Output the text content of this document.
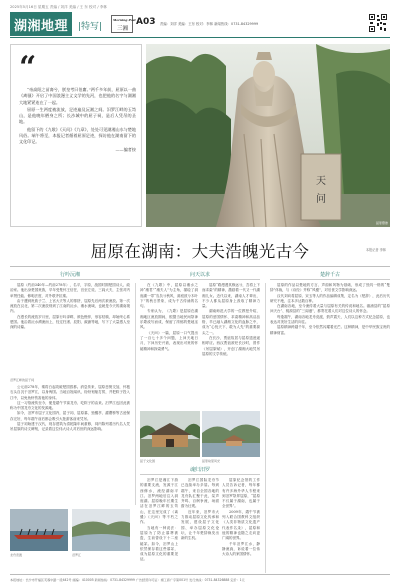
2025年5月16日 星期五 责编 / 刘洋 美编 / 王 东 校对 / 李林
湖湘地理 |特写|
Morning Post
三湘
A03 责编：刘洋 美编：王东 校对：李林 新闻热线：0731-84329999
“

“帝高阳之苗裔兮，朕皇考曰伯庸。”两千多年前，屈原以一曲《离骚》开启了中国浪漫主义文学的先河，也把他的名字与湖湘大地紧紧连在了一起。

屈原一生两度被流放，足迹遍及沅湘之间。汨罗江畔的玉笥山，是他晚年栖身之所；长沙城中的屈子祠，是后人凭吊的圣地。

他留下的《九歌》《天问》《九章》，处处可见湖湘山水与楚地风俗。端午将至，本报记者循着屈原足迹，探访他在湖南留下的文化印记。

——编者按
天
问
屈原塑像
屈原在湖南：大夫浩魄光古今	本报记者 李林
行吟沅湘	问天以求	楚辞千古

屈原（约前340年—约前278年），名平，字原，战国时期楚国诗人、政治家。他出身楚国贵族，早年受楚怀王信任，官至左徒、三闾大夫，主张对内举贤任能、修明法度，对外联齐抗秦。

由于遭到贵族子兰、上官大夫等人的排挤，屈原先后两次被流放。第一次流放在汉北，第二次流放则到了江南的沅水、湘水流域，也就是今天的湖南境内。

在漫长的流放岁月里，屈原行吟泽畔，颜色憔悴，形容枯槁，却始终心系楚国。他沿着沅水溯流而上，经过枉渚、辰阳、溆浦等地，写下了大量感人至深的诗篇。

汨罗江畔的屈子祠

公元前278年，秦将白起攻破楚国郢都。消息传来，屈原悲愤交加，怀抱石头自沉于汨罗江，以身殉国。当地百姓闻讯，纷纷划船打捞，并把粽子投入江中，以免鱼虾伤害他的身体。

这一习俗流传至今，便是端午节赛龙舟、吃粽子的由来。汨罗江也因此被称为中国龙舟文化的发源地。

如今，汨罗市屈子文化园内，屈子祠、屈原墓、独醒亭、濯缨桥等古迹保存完好，每年端午前后都会吸引大批游客前来凭吊。

屈子祠始建于汉代，现存建筑为清乾隆年间重修，祠内陈列着历代名人凭吊屈原的诗文碑刻，记录着这位伟大诗人对后世的深远影响。

在《九歌》中，屈原以湘水之神“湘君”“湘夫人”为主角，描绘了洞庭湖一带“袅袅兮秋风，洞庭波兮木叶下”的秋日景象，成为千古传诵的名句。

专家认为，《九歌》是屈原在湖湘地区流放期间，根据当地民间祭神乐歌改写而成，保留了浓郁的楚地巫风。

《天问》一篇，屈原一口气提出了一百七十多个问题，上问天地日月，下问历史兴衰，表现出可贵的怀疑精神和探索勇气。

屈原“路漫漫其修远兮，吾将上下而求索”的精神，激励着一代又一代湖湘儿女。近代以来，湖南人才辈出，不少人都从屈原身上汲取了精神力量。

湖南师范大学的一位教授介绍，屈原的爱国情怀、求索精神和高洁品格，早已融入湖湘文化的血脉之中，成为“心忧天下、敢为人先”的重要源头之一。

在长沙，贾谊故居与屈原遗迹遥相呼应。西汉贾谊被贬长沙时，曾作《吊屈原赋》，开创了湖湘大地凭吊屈原的文学传统。

屈原的作品以楚地的方言、声韵和风物为基础，形成了独具一格的“楚辞”体裁，与《诗经》并称“风骚”，对后世文学影响深远。

汉代刘向将屈原、宋玉等人的作品编辑成集，定名为《楚辞》，此后历代研究不绝，注本多达数百种。

在湖南各地，至今流传着大量与屈原有关的传说和地名。溆浦县的“屈原问天台”、桃源县的“三闾港”，都寄托着人们对这位诗人的怀念。

每逢端午，湖南各地龙舟竞渡，鼓声震天，人们以这种方式纪念屈原，也表达对美好生活的向往。

屈原精神跨越千年，至今依然闪耀着光芒。这种精神，是中华民族宝贵的精神财富。

屈子文化园	屈原故里风光
魂归汨罗
龙舟竞渡	汨罗江

汨罗江是湘江下游的重要支流，发源于江西修水，流经湖南平江、汨罗两地后注入洞庭湖。屈原晚年长期生活在汨罗江畔的玉笥山，在这里完成了《离骚》《天问》等不朽之作。

当地有一种说法：屈原为了防止墓葬被盗，生前曾设下十二座疑冢。如今，汨罗山上依然保存着这些墓冢，成为屈原文化的重要见证。

汨罗江国际龙舟节已连续举办多届。每到端午，来自全国各地的龙舟队汇聚于此，桨声齐鸣、百舸争流，场面蔚为壮观。

近年来，汨罗市大力推动屈原文化传承和发展，建设屈子文化园、举办屈原文化论坛，让千年楚辞焕发出新的生机。

屈原纪念馆的工作人员告诉记者，每年都有许多海外华人专程来到汨罗祭拜屈原，“屈原不仅属于湖南，也属于全世界”。

2009年，端午节被列入联合国教科文组织《人类非物质文化遗产代表作名录》，屈原和他的精神也随之走向更广阔的世界。

千年汨罗江水，静静流淌，诉说着一位伟大诗人的家国情怀。

本报地址：长沙市开福区芙蓉中路一段442号 邮编：410005 新闻热线：0731-84329999 广告经营许可证：湘工商广字第001号 发行热线：0731-84326888 定价：1元
